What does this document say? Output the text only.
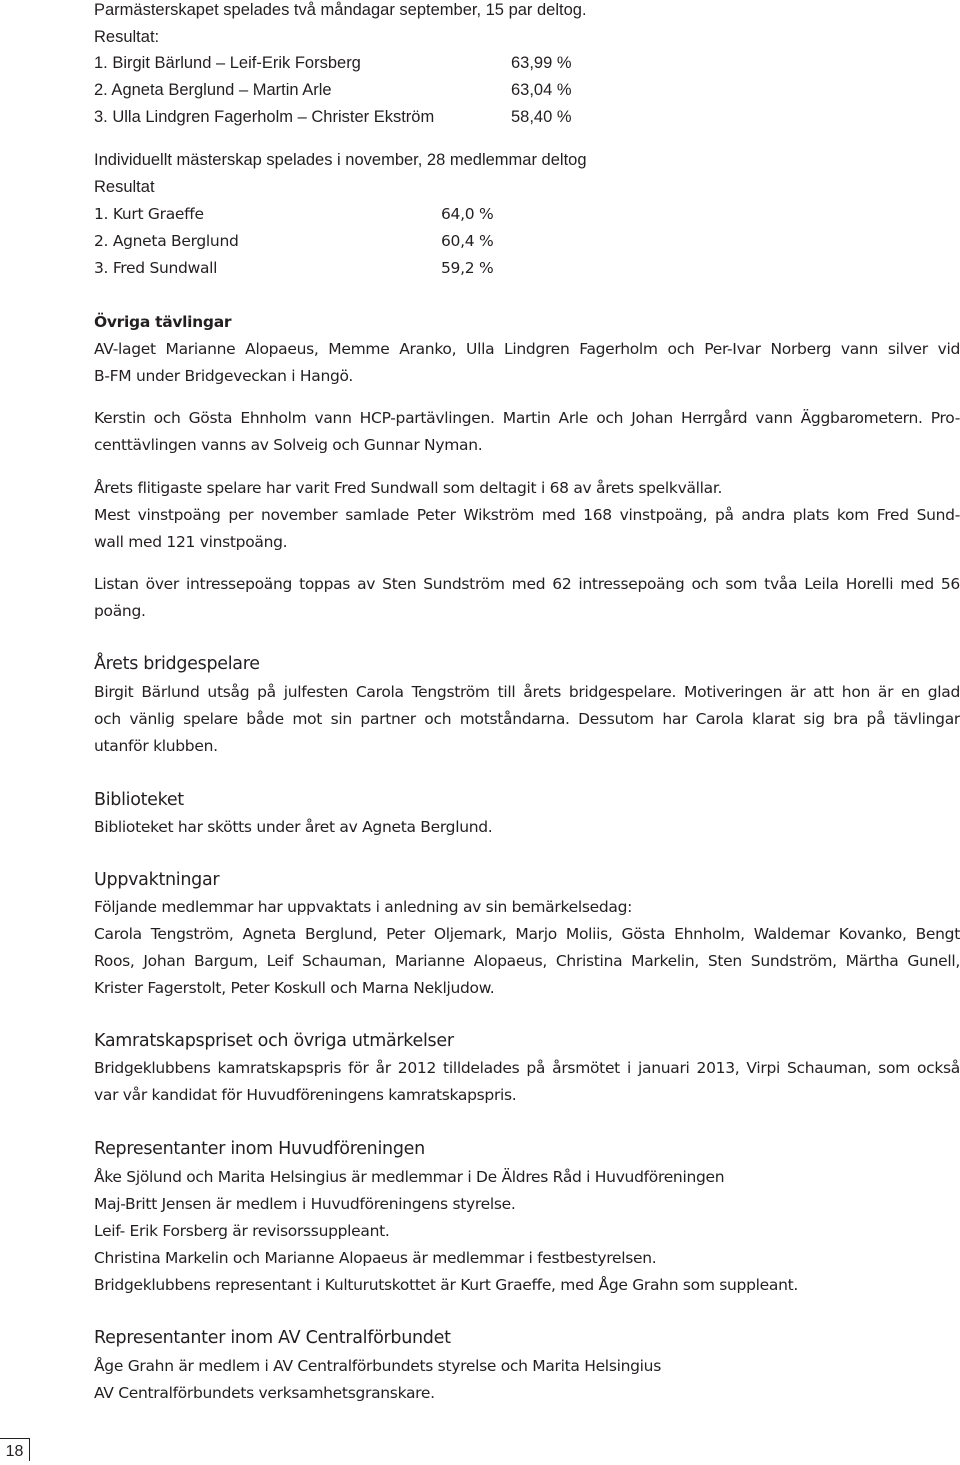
Parmästerskapet spelades två måndagar september, 15 par deltog.
Resultat:
1. Birgit Bärlund – Leif-Erik Forsberg	63,99 %
2. Agneta Berglund – Martin Arle	63,04 %
3. Ulla Lindgren Fagerholm – Christer Ekström	58,40 %
Individuellt mästerskap spelades i november, 28 medlemmar deltog
Resultat
1. Kurt Graeffe	64,0 %
2. Agneta Berglund	60,4 %
3. Fred Sundwall	59,2 %
Övriga tävlingar
AV-laget Marianne Alopaeus, Memme Aranko, Ulla Lindgren Fagerholm och Per-Ivar Norberg vann silver vid
B-FM under Bridgeveckan i Hangö.
Kerstin och Gösta Ehnholm vann HCP-partävlingen. Martin Arle och Johan Herrgård vann Äggbarometern. Pro-
centtävlingen vanns av Solveig och Gunnar Nyman.
Årets flitigaste spelare har varit Fred Sundwall som deltagit i 68 av årets spelkvällar.
Mest vinstpoäng per november samlade Peter Wikström med 168 vinstpoäng, på andra plats kom Fred Sund-
wall med 121 vinstpoäng.
Listan över intressepoäng toppas av Sten Sundström med 62 intressepoäng och som tvåa Leila Horelli med 56
poäng.
Årets bridgespelare
Birgit Bärlund utsåg på julfesten Carola Tengström till årets bridgespelare. Motiveringen är att hon är en glad
och vänlig spelare både mot sin partner och motståndarna. Dessutom har Carola klarat sig bra på tävlingar
utanför klubben.
Biblioteket
Biblioteket har skötts under året av Agneta Berglund.
Uppvaktningar
Följande medlemmar har uppvaktats i anledning av sin bemärkelsedag:
Carola Tengström, Agneta Berglund, Peter Oljemark, Marjo Moliis, Gösta Ehnholm, Waldemar Kovanko, Bengt
Roos, Johan Bargum, Leif Schauman, Marianne Alopaeus, Christina Markelin, Sten Sundström, Märtha Gunell,
Krister Fagerstolt, Peter Koskull och Marna Nekljudow.
Kamratskapspriset och övriga utmärkelser
Bridgeklubbens kamratskapspris för år 2012 tilldelades på årsmötet i januari 2013, Virpi Schauman, som också
var vår kandidat för Huvudföreningens kamratskapspris.
Representanter inom Huvudföreningen
Åke Sjölund och Marita Helsingius är medlemmar i De Äldres Råd i Huvudföreningen
Maj-Britt Jensen är medlem i Huvudföreningens styrelse.
Leif- Erik Forsberg är revisorssuppleant.
Christina Markelin och Marianne Alopaeus är medlemmar i festbestyrelsen.
Bridgeklubbens representant i Kulturutskottet är Kurt Graeffe, med Åge Grahn som suppleant.
Representanter inom AV Centralförbundet
Åge Grahn är medlem i AV Centralförbundets styrelse och Marita Helsingius
AV Centralförbundets verksamhetsgranskare.
18
